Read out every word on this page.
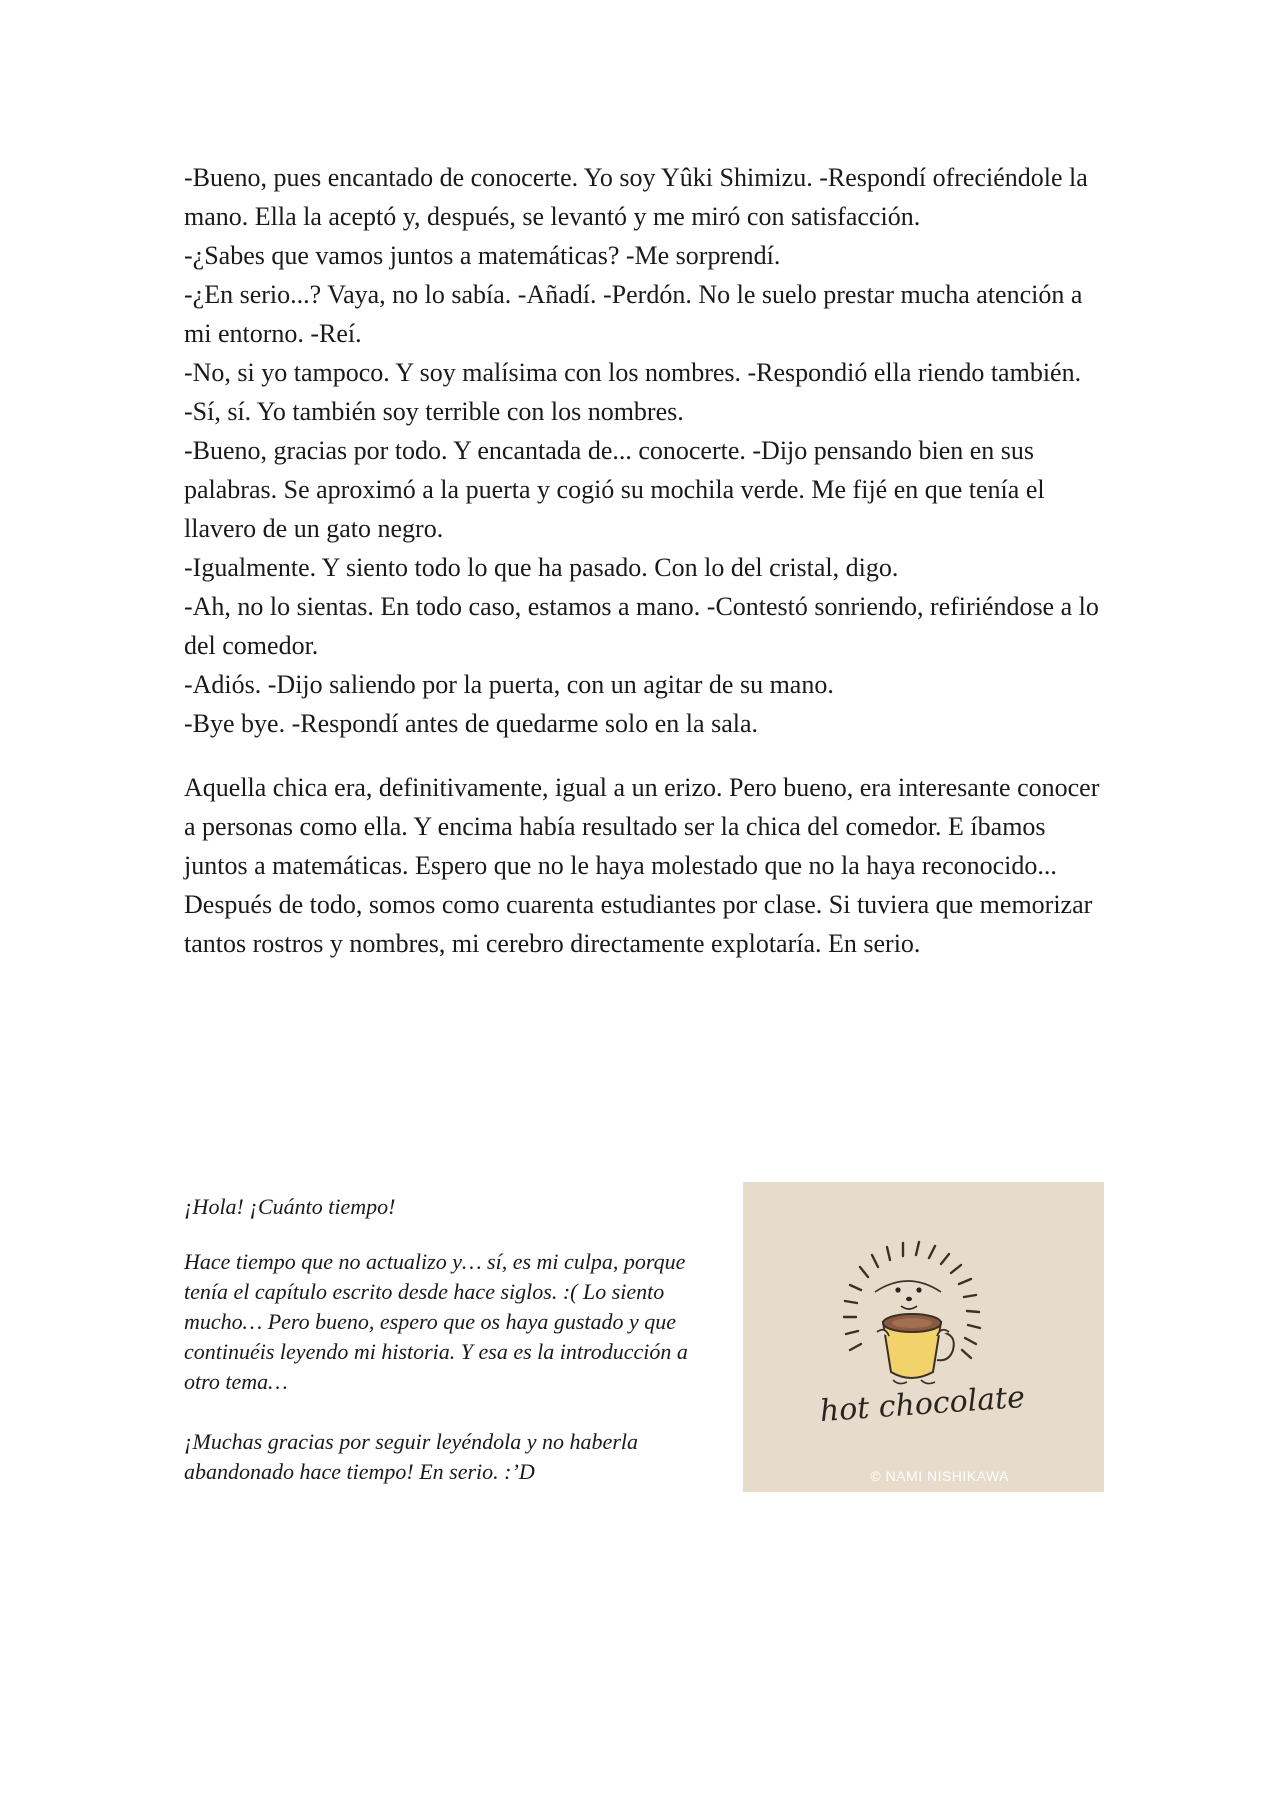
-Bueno, pues encantado de conocerte. Yo soy Yûki Shimizu. -Respondí ofreciéndole la mano. Ella la aceptó y, después, se levantó y me miró con satisfacción.

-¿Sabes que vamos juntos a matemáticas? -Me sorprendí.

-¿En serio...? Vaya, no lo sabía. -Añadí. -Perdón. No le suelo prestar mucha atención a mi entorno. -Reí.

-No, si yo tampoco. Y soy malísima con los nombres. -Respondió ella riendo también.

-Sí, sí. Yo también soy terrible con los nombres.

-Bueno, gracias por todo. Y encantada de... conocerte. -Dijo pensando bien en sus palabras. Se aproximó a la puerta y cogió su mochila verde. Me fijé en que tenía el llavero de un gato negro.

-Igualmente. Y siento todo lo que ha pasado. Con lo del cristal, digo.

-Ah, no lo sientas. En todo caso, estamos a mano. -Contestó sonriendo, refiriéndose a lo del comedor.

-Adiós. -Dijo saliendo por la puerta, con un agitar de su mano.

-Bye bye. -Respondí antes de quedarme solo en la sala.

Aquella chica era, definitivamente, igual a un erizo. Pero bueno, era interesante conocer a personas como ella. Y encima había resultado ser la chica del comedor. E íbamos juntos a matemáticas. Espero que no le haya molestado que no la haya reconocido... Después de todo, somos como cuarenta estudiantes por clase. Si tuviera que memorizar tantos rostros y nombres, mi cerebro directamente explotaría. En serio.

¡Hola! ¡Cuánto tiempo!

Hace tiempo que no actualizo y… sí, es mi culpa, porque tenía el capítulo escrito desde hace siglos. :( Lo siento mucho… Pero bueno, espero que os haya gustado y que continuéis leyendo mi historia. Y esa es la introducción a otro tema…

¡Muchas gracias por seguir leyéndola y no haberla abandonado hace tiempo! En serio. :’D

hot chocolate
© NAMI NISHIKAWA
